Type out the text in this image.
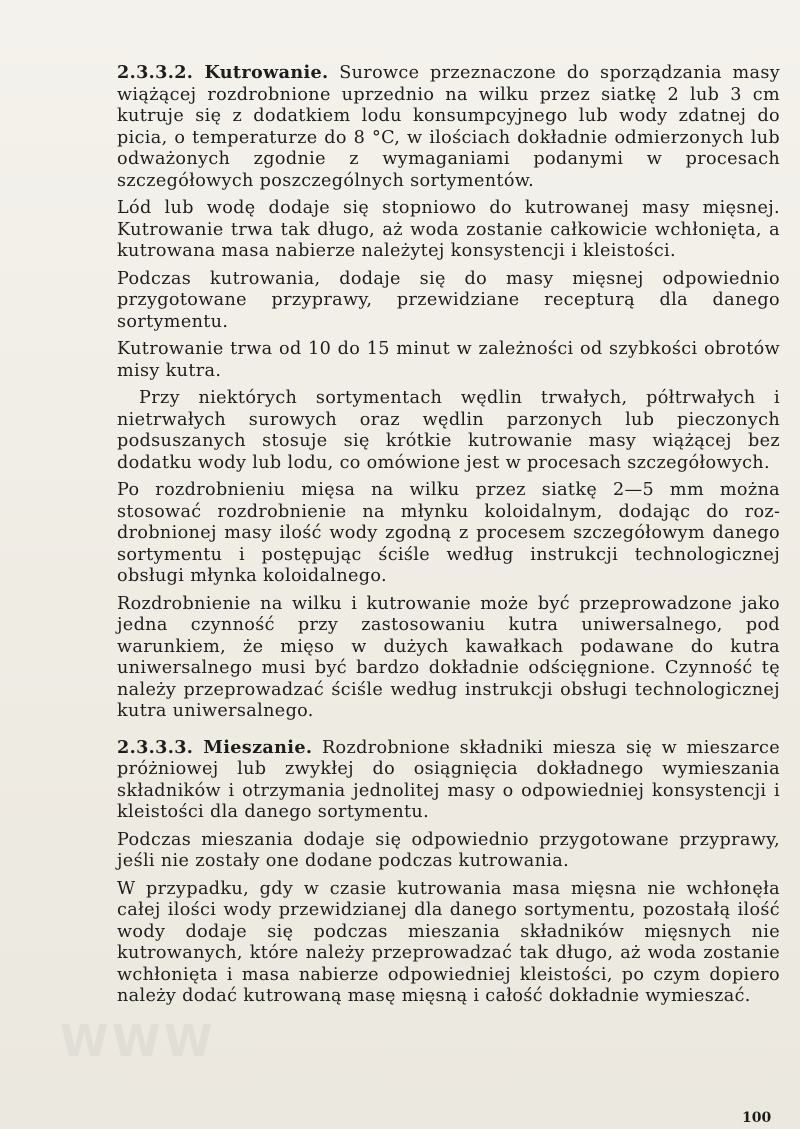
W W W

2.3.3.2. Kutrowanie. Surowce przeznaczone do sporządzania masy wiążącej rozdrobnione uprzednio na wilku przez siatkę 2 lub 3 cm kutruje się z dodatkiem lodu konsumpcyjnego lub wody zdatnej do picia, o temperaturze do 8 °C, w ilościach dokładnie odmierzonych lub odważonych zgodnie z wymaganiami podanymi w procesach szczegółowych poszczególnych sortymentów.

Lód lub wodę dodaje się stopniowo do kutrowanej masy mięsnej. Kutrowanie trwa tak długo, aż woda zostanie całkowicie wchłonięta, a kutrowana masa nabierze należytej konsystencji i kleistości.

Podczas kutrowania, dodaje się do masy mięsnej odpowiednio przygotowane przyprawy, przewidziane recepturą dla danego sortymentu.

Kutrowanie trwa od 10 do 15 minut w zależności od szybkości obrotów misy kutra.

Przy niektórych sortymentach wędlin trwałych, półtrwałych i nietrwałych surowych oraz wędlin parzonych lub pieczonych podsuszanych stosuje się krótkie kutrowanie masy wiążącej bez dodatku wody lub lodu, co omówione jest w procesach szczegółowych.

Po rozdrobnieniu mięsa na wilku przez siatkę 2—5 mm można stosować rozdrobnienie na młynku koloidalnym, dodając do rozdrobnionej masy ilość wody zgodną z procesem szczegółowym danego sortymentu i postępując ściśle według instrukcji technologicznej obsługi młynka koloidalnego.

Rozdrobnienie na wilku i kutrowanie może być przeprowadzone jako jedna czynność przy zastosowaniu kutra uniwersalnego, pod warunkiem, że mięso w dużych kawałkach podawane do kutra uniwersalnego musi być bardzo dokładnie odścięgnione. Czynność tę należy przeprowadzać ściśle według instrukcji obsługi technologicznej kutra uniwersalnego.

2.3.3.3. Mieszanie. Rozdrobnione składniki miesza się w mieszarce próżniowej lub zwykłej do osiągnięcia dokładnego wymieszania składników i otrzymania jednolitej masy o odpowiedniej konsystencji i kleistości dla danego sortymentu.

Podczas mieszania dodaje się odpowiednio przygotowane przyprawy, jeśli nie zostały one dodane podczas kutrowania.

W przypadku, gdy w czasie kutrowania masa mięsna nie wchłonęła całej ilości wody przewidzianej dla danego sortymentu, pozostałą ilość wody dodaje się podczas mieszania składników mięsnych nie kutrowanych, które należy przeprowadzać tak długo, aż woda zostanie wchłonięta i masa nabierze odpowiedniej kleistości, po czym dopiero należy dodać kutrowaną masę mięsną i całość dokładnie wymieszać.

100
